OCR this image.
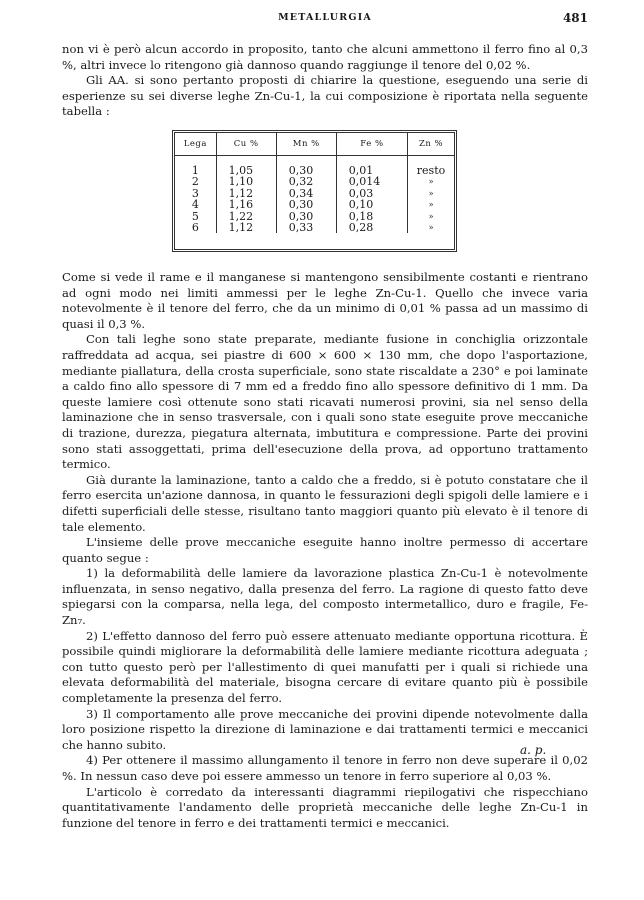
METALLURGIA	481

non vi è però alcun accordo in proposito, tanto che alcuni ammettono il ferro fino al 0,3 %, altri invece lo ritengono già dannoso quando raggiunge il tenore del 0,02 %.

Gli AA. si sono pertanto proposti di chiarire la questione, eseguendo una serie di esperienze su sei diverse leghe Zn-Cu-1, la cui composizione è riportata nella seguente tabella :

Lega	Cu %	Mn %	Fe %	Zn %
1	1,05	0,30	0,01	resto
2	1,10	0,32	0,014	»
3	1,12	0,34	0,03	»
4	1,16	0,30	0,10	»
5	1,22	0,30	0,18	»
6	1,12	0,33	0,28	»

Come si vede il rame e il manganese si mantengono sensibilmente costanti e rientrano ad ogni modo nei limiti ammessi per le leghe Zn-Cu-1. Quello che invece varia notevolmente è il tenore del ferro, che da un minimo di 0,01 % passa ad un massimo di quasi il 0,3 %.

Con tali leghe sono state preparate, mediante fusione in conchiglia orizzontale raffreddata ad acqua, sei piastre di 600 × 600 × 130 mm, che dopo l'asportazione, mediante piallatura, della crosta superficiale, sono state riscaldate a 230° e poi laminate a caldo fino allo spessore di 7 mm ed a freddo fino allo spessore definitivo di 1 mm. Da queste lamiere così ottenute sono stati ricavati numerosi provini, sia nel senso della laminazione che in senso trasversale, con i quali sono state eseguite prove meccaniche di trazione, durezza, piegatura alternata, imbutitura e compressione. Parte dei provini sono stati assoggettati, prima dell'esecuzione della prova, ad opportuno trattamento termico.

Già durante la laminazione, tanto a caldo che a freddo, si è potuto constatare che il ferro esercita un'azione dannosa, in quanto le fessurazioni degli spigoli delle lamiere e i difetti superficiali delle stesse, risultano tanto maggiori quanto più elevato è il tenore di tale elemento.

L'insieme delle prove meccaniche eseguite hanno inoltre permesso di accertare quanto segue :

1) la deformabilità delle lamiere da lavorazione plastica Zn-Cu-1 è notevolmente influenzata, in senso negativo, dalla presenza del ferro. La ragione di questo fatto deve spiegarsi con la comparsa, nella lega, del composto intermetallico, duro e fragile, Fe-Zn₇.

2) L'effetto dannoso del ferro può essere attenuato mediante opportuna ricottura. È possibile quindi migliorare la deformabilità delle lamiere mediante ricottura adeguata ; con tutto questo però per l'allestimento di quei manufatti per i quali si richiede una elevata deformabilità del materiale, bisogna cercare di evitare quanto più è possibile completamente la presenza del ferro.

3) Il comportamento alle prove meccaniche dei provini dipende notevolmente dalla loro posizione rispetto la direzione di laminazione e dai trattamenti termici e meccanici che hanno subito.

4) Per ottenere il massimo allungamento il tenore in ferro non deve superare il 0,02 %. In nessun caso deve poi essere ammesso un tenore in ferro superiore al 0,03 %.

L'articolo è corredato da interessanti diagrammi riepilogativi che rispecchiano quantitativamente l'andamento delle proprietà meccaniche delle leghe Zn-Cu-1 in funzione del tenore in ferro e dei trattamenti termici e meccanici.

a. p.
